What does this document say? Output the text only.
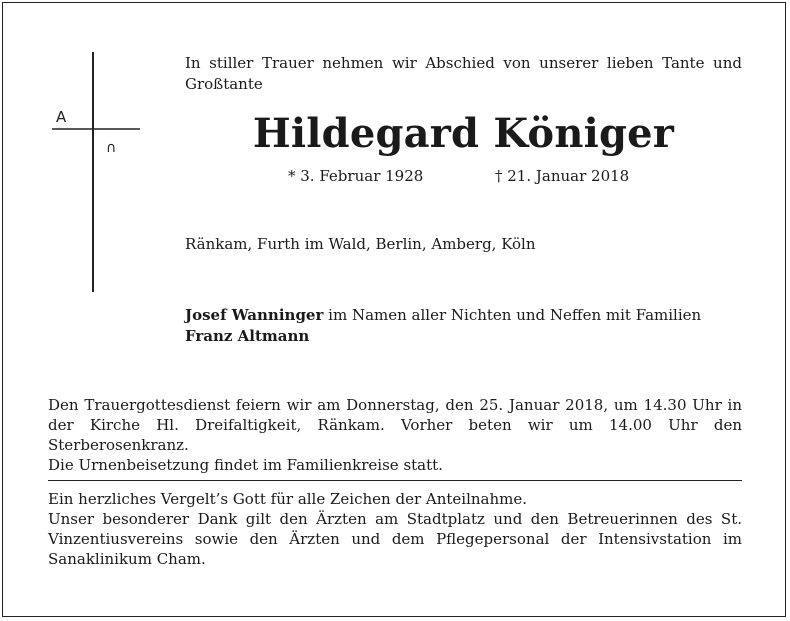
A
∩
In stiller Trauer nehmen wir Abschied von unserer lieben Tante und Großtante
Hildegard Königer
* 3. Februar 1928	† 21. Januar 2018
Ränkam, Furth im Wald, Berlin, Amberg, Köln

Josef Wanninger im Namen aller Nichten und Neffen mit Familien

Franz Altmann

Den Trauergottesdienst feiern wir am Donnerstag, den 25. Januar 2018, um 14.30 Uhr in der Kirche Hl. Dreifaltigkeit, Ränkam. Vorher beten wir um 14.00 Uhr den Sterberosenkranz.

Die Urnenbeisetzung findet im Familienkreise statt.

Ein herzliches Vergelt’s Gott für alle Zeichen der Anteilnahme.

Unser besonderer Dank gilt den Ärzten am Stadtplatz und den Betreuerinnen des St. Vinzentiusvereins sowie den Ärzten und dem Pflegepersonal der Intensivstation im Sanaklinikum Cham.
